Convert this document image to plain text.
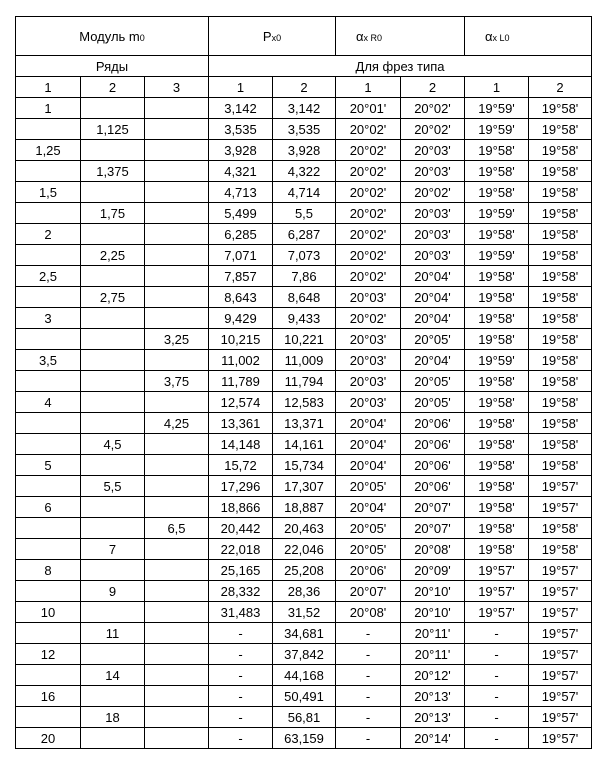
Модуль m0			Px0		αx R0		αx L0	
Ряды			Для фрез типа					
1	2	3	1	2	1	2	1	2
1			3,142	3,142	20°01'	20°02'	19°59'	19°58'
	1,125		3,535	3,535	20°02'	20°02'	19°59'	19°58'
1,25			3,928	3,928	20°02'	20°03'	19°58'	19°58'
	1,375		4,321	4,322	20°02'	20°03'	19°58'	19°58'
1,5			4,713	4,714	20°02'	20°02'	19°58'	19°58'
	1,75		5,499	5,5	20°02'	20°03'	19°59'	19°58'
2			6,285	6,287	20°02'	20°03'	19°58'	19°58'
	2,25		7,071	7,073	20°02'	20°03'	19°59'	19°58'
2,5			7,857	7,86	20°02'	20°04'	19°58'	19°58'
	2,75		8,643	8,648	20°03'	20°04'	19°58'	19°58'
3			9,429	9,433	20°02'	20°04'	19°58'	19°58'
		3,25	10,215	10,221	20°03'	20°05'	19°58'	19°58'
3,5			11,002	11,009	20°03'	20°04'	19°59'	19°58'
		3,75	11,789	11,794	20°03'	20°05'	19°58'	19°58'
4			12,574	12,583	20°03'	20°05'	19°58'	19°58'
		4,25	13,361	13,371	20°04'	20°06'	19°58'	19°58'
	4,5		14,148	14,161	20°04'	20°06'	19°58'	19°58'
5			15,72	15,734	20°04'	20°06'	19°58'	19°58'
	5,5		17,296	17,307	20°05'	20°06'	19°58'	19°57'
6			18,866	18,887	20°04'	20°07'	19°58'	19°57'
		6,5	20,442	20,463	20°05'	20°07'	19°58'	19°58'
	7		22,018	22,046	20°05'	20°08'	19°58'	19°58'
8			25,165	25,208	20°06'	20°09'	19°57'	19°57'
	9		28,332	28,36	20°07'	20°10'	19°57'	19°57'
10			31,483	31,52	20°08'	20°10'	19°57'	19°57'
	11		-	34,681	-	20°11'	-	19°57'
12			-	37,842	-	20°11'	-	19°57'
	14		-	44,168	-	20°12'	-	19°57'
16			-	50,491	-	20°13'	-	19°57'
	18		-	56,81	-	20°13'	-	19°57'
20			-	63,159	-	20°14'	-	19°57'
